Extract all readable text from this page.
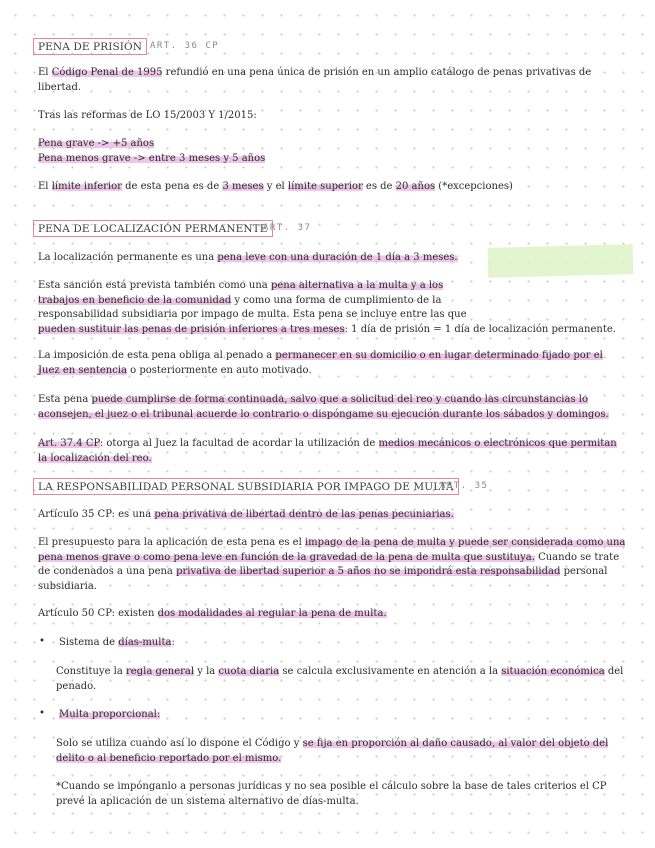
PENA DE PRISIÓN ART. 36 CP
El Código Penal de 1995 refundió en una pena única de prisión en un amplio catálogo de penas privativas de
libertad.
Tras las reformas de LO 15/2003 Y 1/2015:
Pena grave -> +5 años
Pena menos grave -> entre 3 meses y 5 años
El límite inferior de esta pena es de 3 meses y el límite superior es de 20 años (*excepciones)
PENA DE LOCALIZACIÓN PERMANENTE
ART. 37
La localización permanente es una pena leve con una duración de 1 día a 3 meses.
Esta sanción está prevista también como una pena alternativa a la multa y a los
trabajos en beneficio de la comunidad y como una forma de cumplimiento de la
responsabilidad subsidiaria por impago de multa. Esta pena se incluye entre las que
pueden sustituir las penas de prisión inferiores a tres meses: 1 día de prisión = 1 día de localización permanente.
La imposición de esta pena obliga al penado a permanecer en su domicilio o en lugar determinado fijado por el
Juez en sentencia o posteriormente en auto motivado.
Esta pena puede cumplirse de forma continuada, salvo que a solicitud del reo y cuando las circunstancias lo
aconsejen, el juez o el tribunal acuerde lo contrario o dispóngame su ejecución durante los sábados y domingos.
Art. 37.4 CP: otorga al Juez la facultad de acordar la utilización de medios mecánicos o electrónicos que permitan
la localización del reo.
LA RESPONSABILIDAD PERSONAL SUBSIDIARIA POR IMPAGO DE MULTA
ART. 35
Artículo 35 CP: es una pena privativa de libertad dentro de las penas pecuniarias.
El presupuesto para la aplicación de esta pena es el impago de la pena de multa y puede ser considerada como una
pena menos grave o como pena leve en función de la gravedad de la pena de multa que sustituya. Cuando se trate
de condenados a una pena privativa de libertad superior a 5 años no se impondrá esta responsabilidad personal
subsidiaria.
Artículo 50 CP: existen dos modalidades al regular la pena de multa.
• Sistema de días-multa:
Constituye la regla general y la cuota diaria se calcula exclusivamente en atención a la situación económica del
penado.
• Multa proporcional:
Solo se utiliza cuando así lo dispone el Código y se fija en proporción al daño causado, al valor del objeto del
delito o al beneficio reportado por el mismo.
*Cuando se impónganlo a personas jurídicas y no sea posible el cálculo sobre la base de tales criterios el CP
prevé la aplicación de un sistema alternativo de días-multa.
